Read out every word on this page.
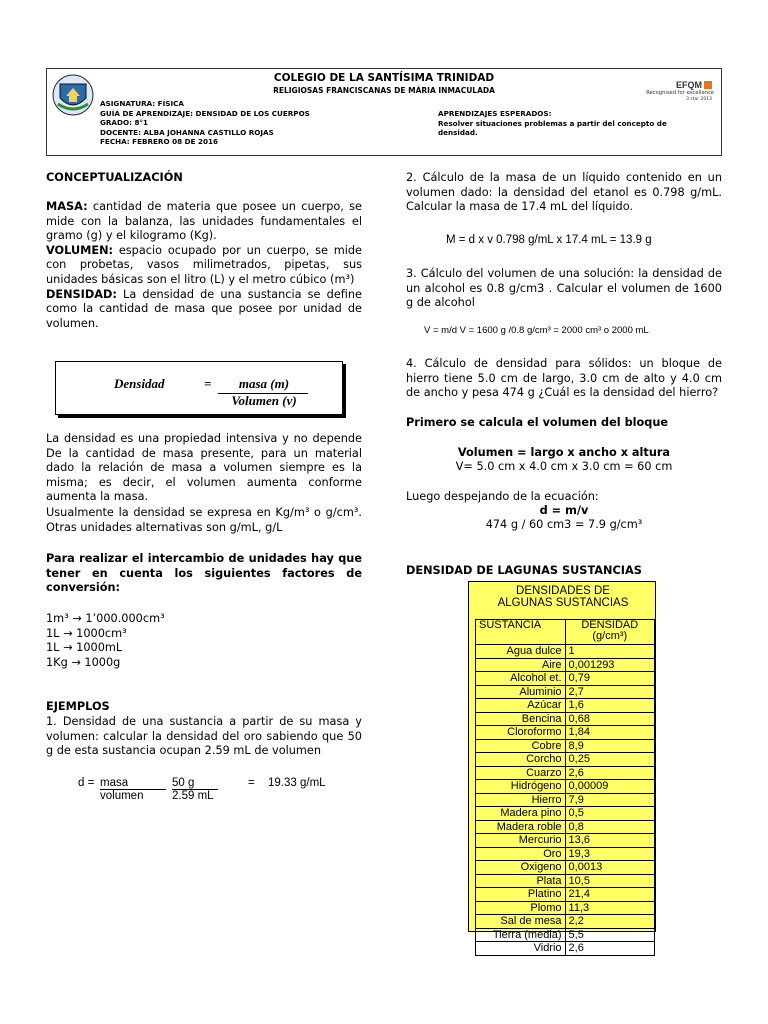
COLEGIO DE LA SANTÍSIMA TRINIDAD
RELIGIOSAS FRANCISCANAS DE MÁRIA INMACULADA
ASIGNATURA: FÍSICA
GUÍA DE APRENDIZAJE: DENSIDAD DE LOS CUERPOS
GRADO: 8°1
DOCENTE: ALBA JOHANNA CASTILLO ROJAS
FECHA: FEBRERO 08 DE 2016
APRENDIZAJES ESPERADOS:
Resolver situaciones problemas a partir del concepto de
densidad.
EFQM
Recognised for excellence
3 star 2013
CONCEPTUALIZACIÓN
MASA: cantidad de materia que posee un cuerpo, se mide con la balanza, las unidades fundamentales el gramo (g) y el kilogramo (Kg).
VOLUMEN: espacio ocupado por un cuerpo, se mide con probetas, vasos milimetrados, pipetas, sus unidades básicas son el litro (L) y el metro cúbico (m³)
DENSIDAD: La densidad de una sustancia se define como la cantidad de masa que posee por unidad de volumen.
Densidad	=	masa (m)
Volumen (v)
La densidad es una propiedad intensiva y no depende De la cantidad de masa presente, para un material dado la relación de masa a volumen siempre es la misma; es decir, el volumen aumenta conforme aumenta la masa.
Usualmente la densidad se expresa en Kg/m³ o g/cm³. Otras unidades alternativas son g/mL, g/L
Para realizar el intercambio de unidades hay que tener en cuenta los siguientes factores de conversión:
1m³ → 1’000.000cm³
1L → 1000cm³
1L → 1000mL
1Kg → 1000g
EJEMPLOS
1. Densidad de una sustancia a partir de su masa y volumen: calcular la densidad del oro sabiendo que 50 g de esta sustancia ocupan 2.59 mL de volumen
d = masa
volumen
50 g
2.59 mL
= 19.33 g/mL
2. Cálculo de la masa de un líquido contenido en un volumen dado: la densidad del etanol es 0.798 g/mL. Calcular la masa de 17.4 mL del líquido.
M = d x v 0.798 g/mL x 17.4 mL = 13.9 g
3. Cálculo del volumen de una solución: la densidad de un alcohol es 0.8 g/cm3 . Calcular el volumen de 1600 g de alcohol
V = m/d V = 1600 g /0.8 g/cm³ = 2000 cm³ o 2000 mL
4. Cálculo de densidad para sólidos: un bloque de hierro tiene 5.0 cm de largo, 3.0 cm de alto y 4.0 cm de ancho y pesa 474 g ¿Cuál es la densidad del hierro?
Primero se calcula el volumen del bloque
Volumen = largo x ancho x altura
V= 5.0 cm x 4.0 cm x 3.0 cm = 60 cm
Luego despejando de la ecuación:
d = m/v
474 g / 60 cm3 = 7.9 g/cm³
DENSIDAD DE LAGUNAS SUSTANCIAS
DENSIDADES DE ALGUNAS SUSTANCIAS
SUSTANCIA	DENSIDAD
(g/cm³)
Agua dulce	1
Aire	0,001293
Alcohol et.	0,79
Aluminio	2,7
Azúcar	1,6
Bencina	0,68
Cloroformo	1,84
Cobre	8,9
Corcho	0,25
Cuarzo	2,6
Hidrógeno	0,00009
Hierro	7,9
Madera pino	0,5
Madera roble	0,8
Mercurio	13,6
Oro	19,3
Oxigeno	0,0013
Plata	10,5
Platino	21,4
Plomo	11,3
Sal de mesa	2,2
Tierra (media)	5,5
Vidrio	2,6
